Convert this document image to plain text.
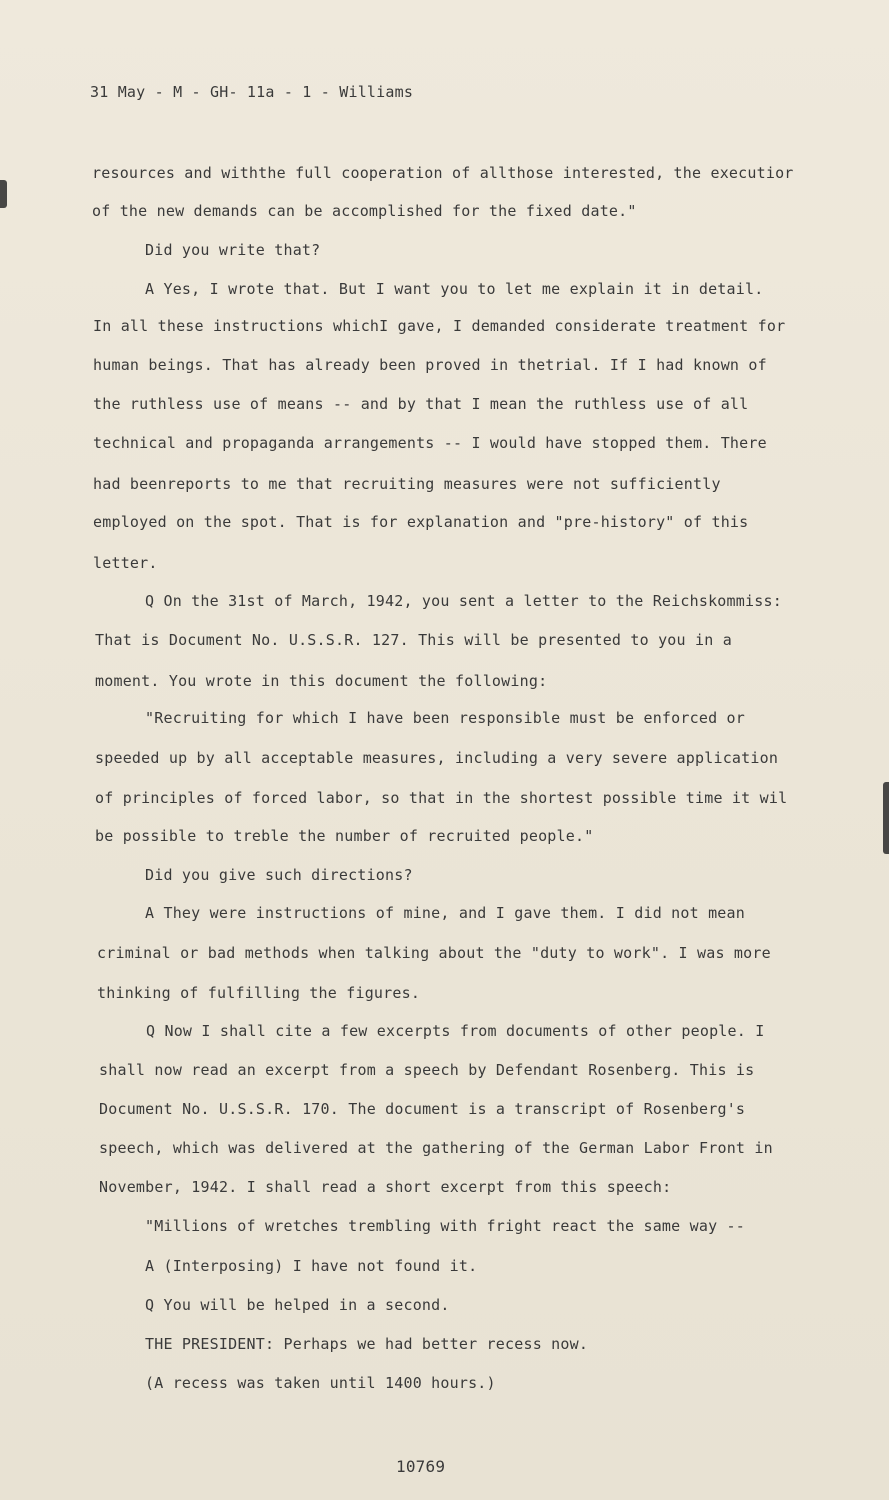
31 May - M - GH- 11a - 1 - Williams

resources and withthe full cooperation of allthose interested, the executior

of the new demands can be accomplished for the fixed date."

Did you write that?

A Yes, I wrote that. But I want you to let me explain it in detail.

In all these instructions whichI gave, I demanded considerate treatment for

human beings. That has already been proved in thetrial. If I had known of

the ruthless use of means -- and by that I mean the ruthless use of all

technical and propaganda arrangements -- I would have stopped them. There

had beenreports to me that recruiting measures were not sufficiently

employed on the spot. That is for explanation and "pre-history" of this

letter.

Q On the 31st of March, 1942, you sent a letter to the Reichskommiss:

That is Document No. U.S.S.R. 127. This will be presented to you in a

moment. You wrote in this document the following:

"Recruiting for which I have been responsible must be enforced or

speeded up by all acceptable measures, including a very severe application

of principles of forced labor, so that in the shortest possible time it wil

be possible to treble the number of recruited people."

Did you give such directions?

A They were instructions of mine, and I gave them. I did not mean

criminal or bad methods when talking about the "duty to work". I was more

thinking of fulfilling the figures.

Q Now I shall cite a few excerpts from documents of other people. I

shall now read an excerpt from a speech by Defendant Rosenberg. This is

Document No. U.S.S.R. 170. The document is a transcript of Rosenberg's

speech, which was delivered at the gathering of the German Labor Front in

November, 1942. I shall read a short excerpt from this speech:

"Millions of wretches trembling with fright react the same way --

A (Interposing) I have not found it.

Q You will be helped in a second.

THE PRESIDENT: Perhaps we had better recess now.

(A recess was taken until 1400 hours.)

10769
